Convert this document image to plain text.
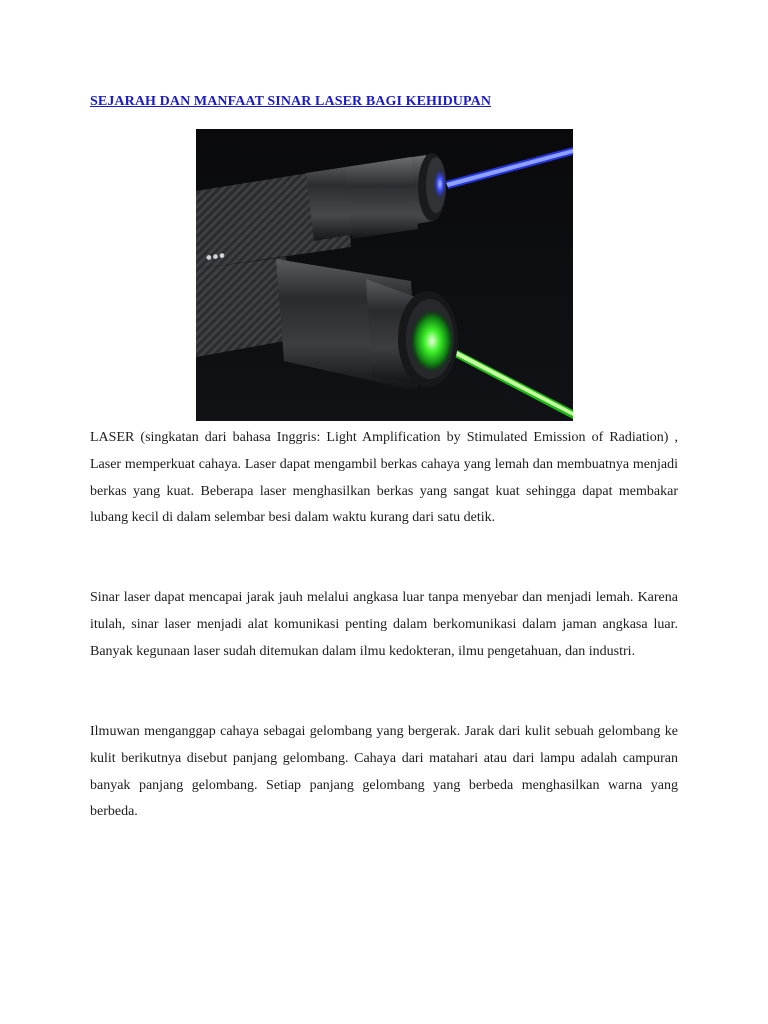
SEJARAH DAN MANFAAT SINAR LASER BAGI KEHIDUPAN
●●●

LASER (singkatan dari bahasa Inggris: Light Amplification by Stimulated Emission of Radiation) , Laser memperkuat cahaya. Laser dapat mengambil berkas cahaya yang lemah dan membuatnya menjadi berkas yang kuat. Beberapa laser menghasilkan berkas yang sangat kuat sehingga dapat membakar lubang kecil di dalam selembar besi dalam waktu kurang dari satu detik.

Sinar laser dapat mencapai jarak jauh melalui angkasa luar tanpa menyebar dan menjadi lemah. Karena itulah, sinar laser menjadi alat komunikasi penting dalam berkomunikasi dalam jaman angkasa luar. Banyak kegunaan laser sudah ditemukan dalam ilmu kedokteran, ilmu pengetahuan, dan industri.

Ilmuwan menganggap cahaya sebagai gelombang yang bergerak. Jarak dari kulit sebuah gelombang ke kulit berikutnya disebut panjang gelombang. Cahaya dari matahari atau dari lampu adalah campuran banyak panjang gelombang. Setiap panjang gelombang yang berbeda menghasilkan warna yang berbeda.
